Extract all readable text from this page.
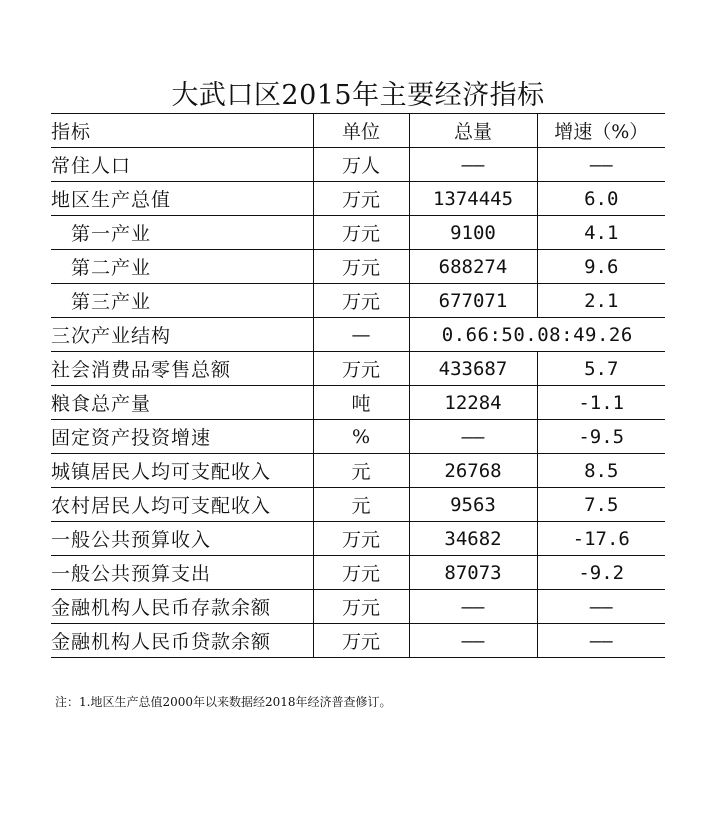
大武口区2015年主要经济指标
指标	单位	总量	增速（%）
常住人口	万人	——	——
地区生产总值	万元	1374445	6.0
第一产业	万元	9100	4.1
第二产业	万元	688274	9.6
第三产业	万元	677071	2.1
三次产业结构	—	0.66:50.08:49.26	
社会消费品零售总额	万元	433687	5.7
粮食总产量	吨	12284	-1.1
固定资产投资增速	%	——	-9.5
城镇居民人均可支配收入	元	26768	8.5
农村居民人均可支配收入	元	9563	7.5
一般公共预算收入	万元	34682	-17.6
一般公共预算支出	万元	87073	-9.2
金融机构人民币存款余额	万元	——	——
金融机构人民币贷款余额	万元	——	——
注：1.地区生产总值2000年以来数据经2018年经济普查修订。
